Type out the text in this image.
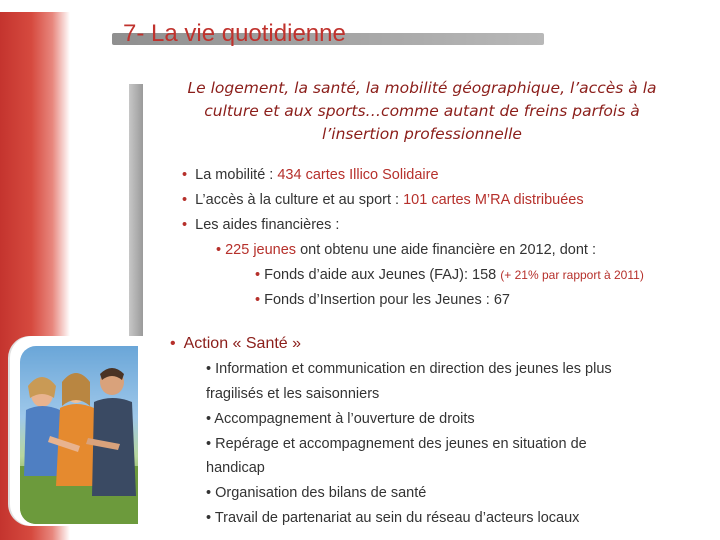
7- La vie quotidienne
Le logement, la santé, la mobilité géographique, l’accès à la culture et aux sports…comme autant de freins parfois à l’insertion professionnelle
• La mobilité : 434 cartes Illico Solidaire
• L’accès à la culture et au sport : 101 cartes M’RA distribuées
• Les aides financières :
• 225 jeunes ont obtenu une aide financière en 2012, dont :
• Fonds d’aide aux Jeunes (FAJ): 158 (+ 21% par rapport à 2011)
• Fonds d’Insertion pour les Jeunes : 67
• Action « Santé »
• Information et communication en direction des jeunes les plus
fragilisés et les saisonniers
• Accompagnement à l’ouverture de droits
• Repérage et accompagnement des jeunes en situation de
handicap
• Organisation des bilans de santé
• Travail de partenariat au sein du réseau d’acteurs locaux
